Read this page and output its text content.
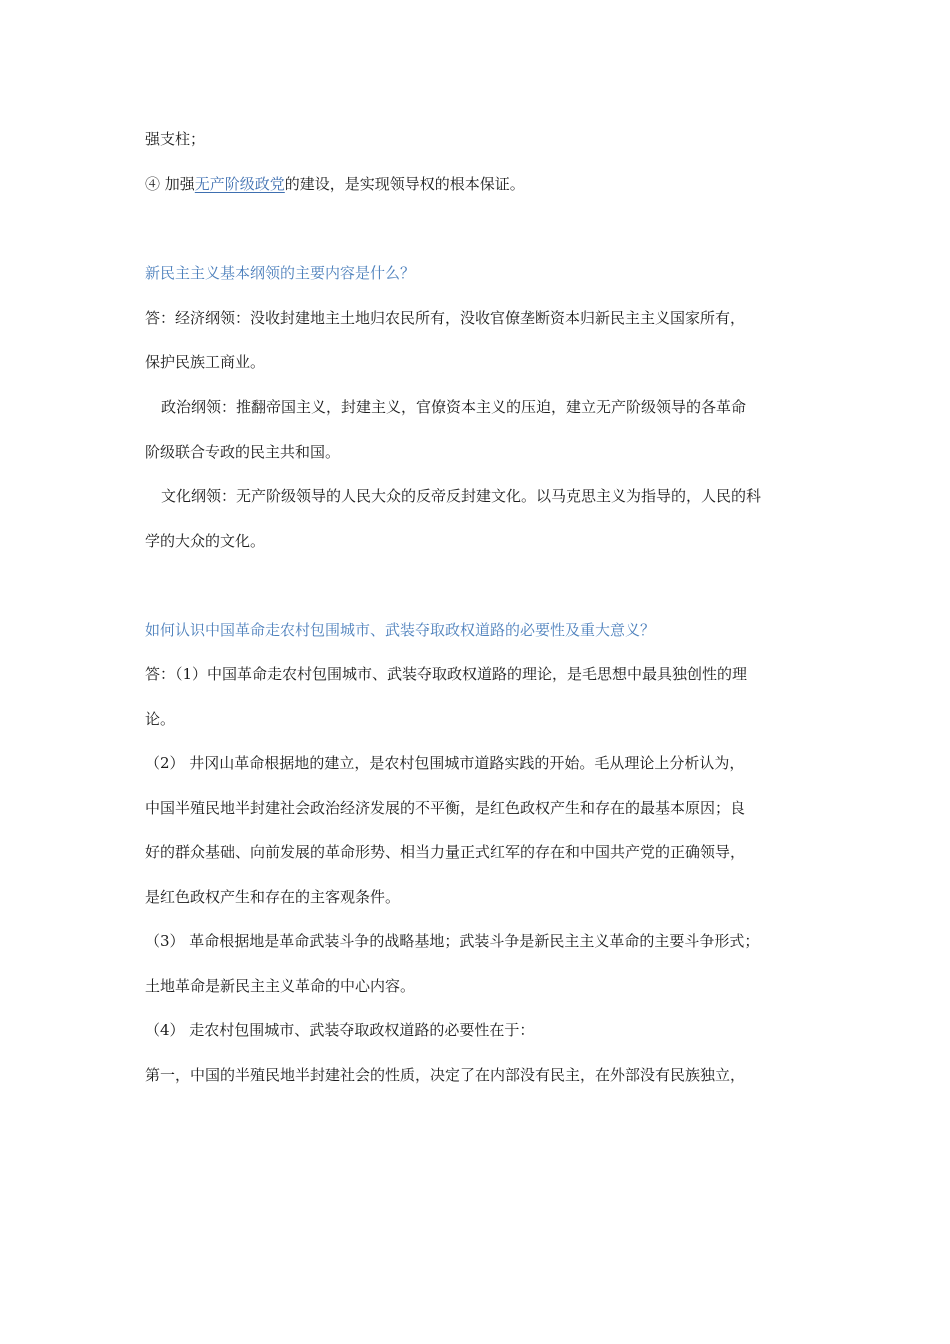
强支柱；
④ 加强无产阶级政党的建设，是实现领导权的根本保证。
新民主主义基本纲领的主要内容是什么？
答：经济纲领：没收封建地主土地归农民所有，没收官僚垄断资本归新民主主义国家所有，
保护民族工商业。
政治纲领：推翻帝国主义，封建主义，官僚资本主义的压迫，建立无产阶级领导的各革命
阶级联合专政的民主共和国。
文化纲领：无产阶级领导的人民大众的反帝反封建文化。以马克思主义为指导的，人民的科
学的大众的文化。
如何认识中国革命走农村包围城市、武装夺取政权道路的必要性及重大意义？
答：（1）中国革命走农村包围城市、武装夺取政权道路的理论，是毛思想中最具独创性的理
论。
（2） 井冈山革命根据地的建立，是农村包围城市道路实践的开始。毛从理论上分析认为，
中国半殖民地半封建社会政治经济发展的不平衡，是红色政权产生和存在的最基本原因；良
好的群众基础、向前发展的革命形势、相当力量正式红军的存在和中国共产党的正确领导，
是红色政权产生和存在的主客观条件。
（3） 革命根据地是革命武装斗争的战略基地；武装斗争是新民主主义革命的主要斗争形式；
土地革命是新民主主义革命的中心内容。
（4） 走农村包围城市、武装夺取政权道路的必要性在于：
第一，中国的半殖民地半封建社会的性质，决定了在内部没有民主，在外部没有民族独立，
